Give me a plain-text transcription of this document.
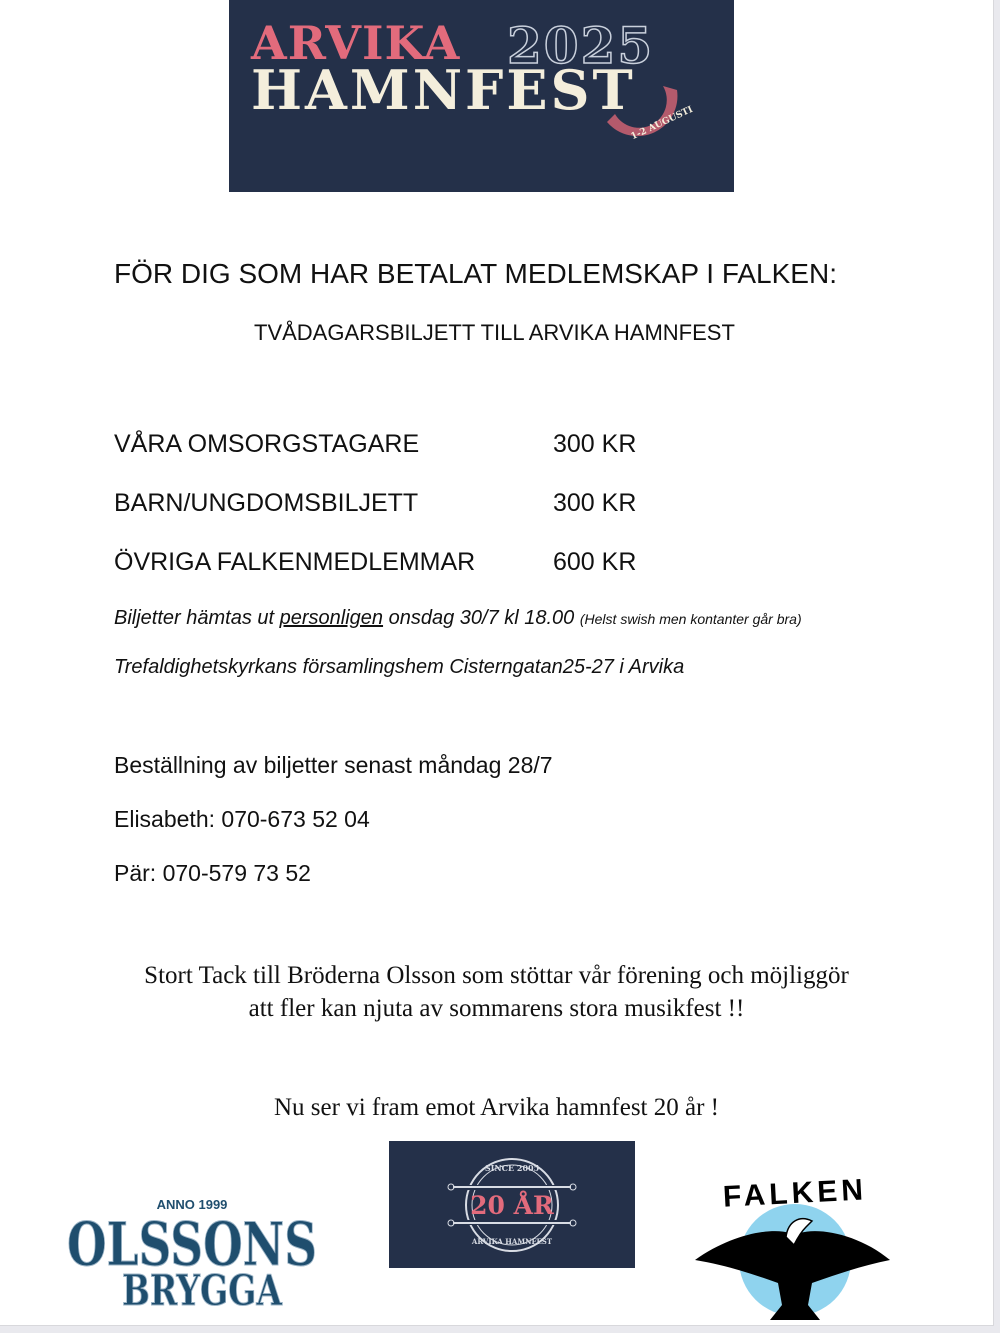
ARVIKA 2025
HAMNFEST
1-2 AUGUSTI
FÖR DIG SOM HAR BETALAT MEDLEMSKAP I FALKEN:
TVÅDAGARSBILJETT TILL ARVIKA HAMNFEST
VÅRA OMSORGSTAGARE	300 KR
BARN/UNGDOMSBILJETT	300 KR
ÖVRIGA FALKENMEDLEMMAR	600 KR
Biljetter hämtas ut personligen onsdag 30/7 kl 18.00 (Helst swish men kontanter går bra)
Trefaldighetskyrkans församlingshem Cisterngatan25-27 i Arvika
Beställning av biljetter senast måndag 28/7
Elisabeth: 070-673 52 04
Pär: 070-579 73 52
Stort Tack till Bröderna Olsson som stöttar vår förening och möjliggör
att fler kan njuta av sommarens stora musikfest !!
Nu ser vi fram emot Arvika hamnfest 20 år !
ANNO 1999
OLSSONS
BRYGGA
SINCE 2005
20 ÅR
ARVIKA HAMNFEST
FALKEN
